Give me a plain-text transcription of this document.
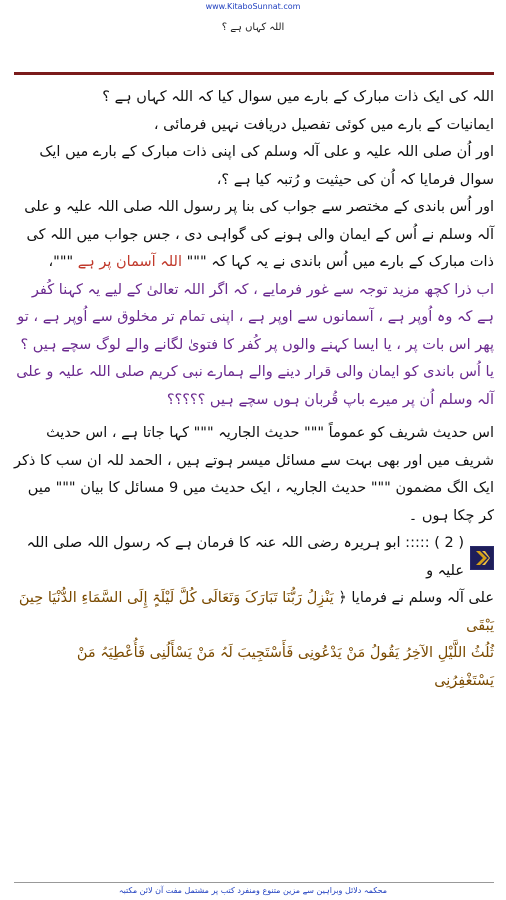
www.KitaboSunnat.com
اللہ کہاں ہے ؟

اللہ کی ایک ذات مبارک کے بارے میں سوال کیا کہ اللہ کہاں ہے ؟

ایمانیات کے بارے میں کوئی تفصیل دریافت نہیں فرمائی ،

اور اُن صلی اللہ علیہ و علی آلہ وسلم کی اپنی ذات مبارک کے بارے میں ایک سوال فرمایا کہ اُن کی حیثیت و رُتبہ کیا ہے ؟،

اور اُس باندی کے مختصر سے جواب کی بنا پر رسول اللہ صلی اللہ علیہ و علی آلہ وسلم نے اُس کے ایمان والی ہونے کی گواہی دی ، جس جواب میں اللہ کی ذات مبارک کے بارے میں اُس باندی نے یہ کہا کہ """ اللہ آسمان پر ہے """،

اب ذرا کچھ مزید توجہ سے غور فرمایے ، کہ اگر اللہ تعالیٰ کے لیے یہ کہنا کُفر ہے کہ وہ اُوپر ہے ، آسمانوں سے اوپر ہے ، اپنی تمام تر مخلوق سے اُوپر ہے ، تو پھر اس بات پر ، یا ایسا کہنے والوں پر کُفر کا فتویٰ لگانے والے لوگ سچے ہیں ؟ یا اُس باندی کو ایمان والی قرار دینے والے ہمارے نبی کریم صلی اللہ علیہ و علی آلہ وسلم اُن پر میرے باپ قُربان ہوں سچے ہیں ؟؟؟؟؟

اس حدیث شریف کو عموماً """ حدیث الجاریہ """ کہا جاتا ہے ، اس حدیث شریف میں اور بھی بہت سے مسائل میسر ہوتے ہیں ، الحمد للہ ان سب کا ذکر ایک الگ مضمون """ حدیث الجاریہ ، ایک حدیث میں 9 مسائل کا بیان """ میں کر چکا ہوں ۔

( 2 ) ::::: ابو ہریرہ رضی اللہ عنہ کا فرمان ہے کہ رسول اللہ صلی اللہ علیہ و

علی آلہ وسلم نے فرمایا ﴿ یَنْزِلُ رَبُّنَا تَبَارَکَ وَتَعَالَی کُلَّ لَیْلَۃٍ إِلَی السَّمَاءِ الدُّنْیَا حِینَ یَبْقَی

ثُلُثُ اللَّیْلِ الآخِرُ یَقُولُ مَنْ یَدْعُونِی فَأَسْتَجِیبَ لَہُ مَنْ یَسْأَلُنِی فَأُعْطِیَہُ مَنْ یَسْتَغْفِرُنِی

محکمہ دلائل وبراہین سے مزین متنوع ومنفرد کتب پر مشتمل مفت آن لائن مکتبہ
